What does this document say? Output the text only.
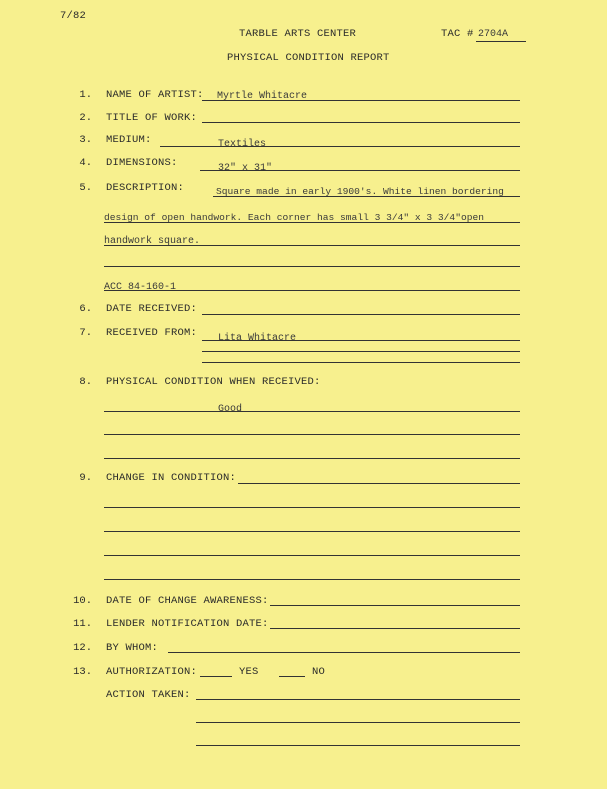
7/82
TARBLE ARTS CENTER	TAC # 2704A
PHYSICAL CONDITION REPORT
1. NAME OF ARTIST: Myrtle Whitacre
2. TITLE OF WORK:
3. MEDIUM:	Textiles
4. DIMENSIONS:	32" x 31"
5. DESCRIPTION:	Square made in early 1900's. White linen bordering
design of open handwork. Each corner has small 3 3/4" x 3 3/4"open
handwork square.
ACC 84-160-1
6. DATE RECEIVED:
7. RECEIVED FROM: Lita Whitacre
8. PHYSICAL CONDITION WHEN RECEIVED:
Good
9. CHANGE IN CONDITION:
10. DATE OF CHANGE AWARENESS:
11. LENDER NOTIFICATION DATE:
12. BY WHOM:
13. AUTHORIZATION:	YES	NO
ACTION TAKEN:
